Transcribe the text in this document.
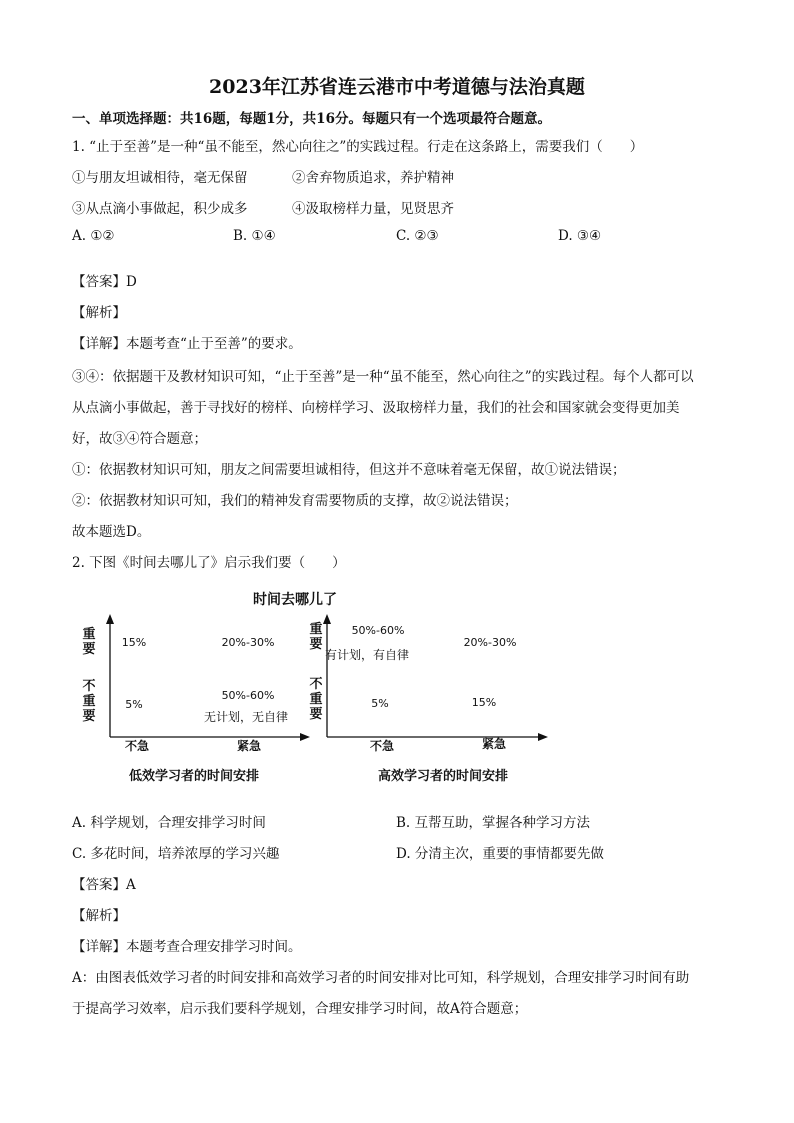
2023年江苏省连云港市中考道德与法治真题
一、单项选择题：共16题，每题1分，共16分。每题只有一个选项最符合题意。
1. “止于至善”是一种“虽不能至，然心向往之”的实践过程。行走在这条路上，需要我们（　　）
①与朋友坦诚相待，毫无保留	②舍弃物质追求，养护精神
③从点滴小事做起，积少成多	④汲取榜样力量，见贤思齐
A. ①②	B. ①④	C. ②③	D. ③④
【答案】D
【解析】
【详解】本题考查“止于至善”的要求。
③④：依据题干及教材知识可知，“止于至善”是一种“虽不能至，然心向往之”的实践过程。每个人都可以
从点滴小事做起，善于寻找好的榜样、向榜样学习、汲取榜样力量，我们的社会和国家就会变得更加美
好，故③④符合题意；
①：依据教材知识可知，朋友之间需要坦诚相待，但这并不意味着毫无保留，故①说法错误；
②：依据教材知识可知，我们的精神发育需要物质的支撑，故②说法错误；
故本题选D。
2. 下图《时间去哪儿了》启示我们要（　　）
时间去哪儿了
15%	20%-30%
5%
50%-60%
无计划，无自律
不急	紧急
低效学习者的时间安排
50%-60%
有计划，有自律
20%-30%
5%	15%
不急	紧急
高效学习者的时间安排
重要
不重要
重要
不重要
A. 科学规划，合理安排学习时间	B. 互帮互助，掌握各种学习方法
C. 多花时间，培养浓厚的学习兴趣	D. 分清主次，重要的事情都要先做
【答案】A
【解析】
【详解】本题考查合理安排学习时间。
A：由图表低效学习者的时间安排和高效学习者的时间安排对比可知，科学规划，合理安排学习时间有助
于提高学习效率，启示我们要科学规划，合理安排学习时间，故A符合题意；
